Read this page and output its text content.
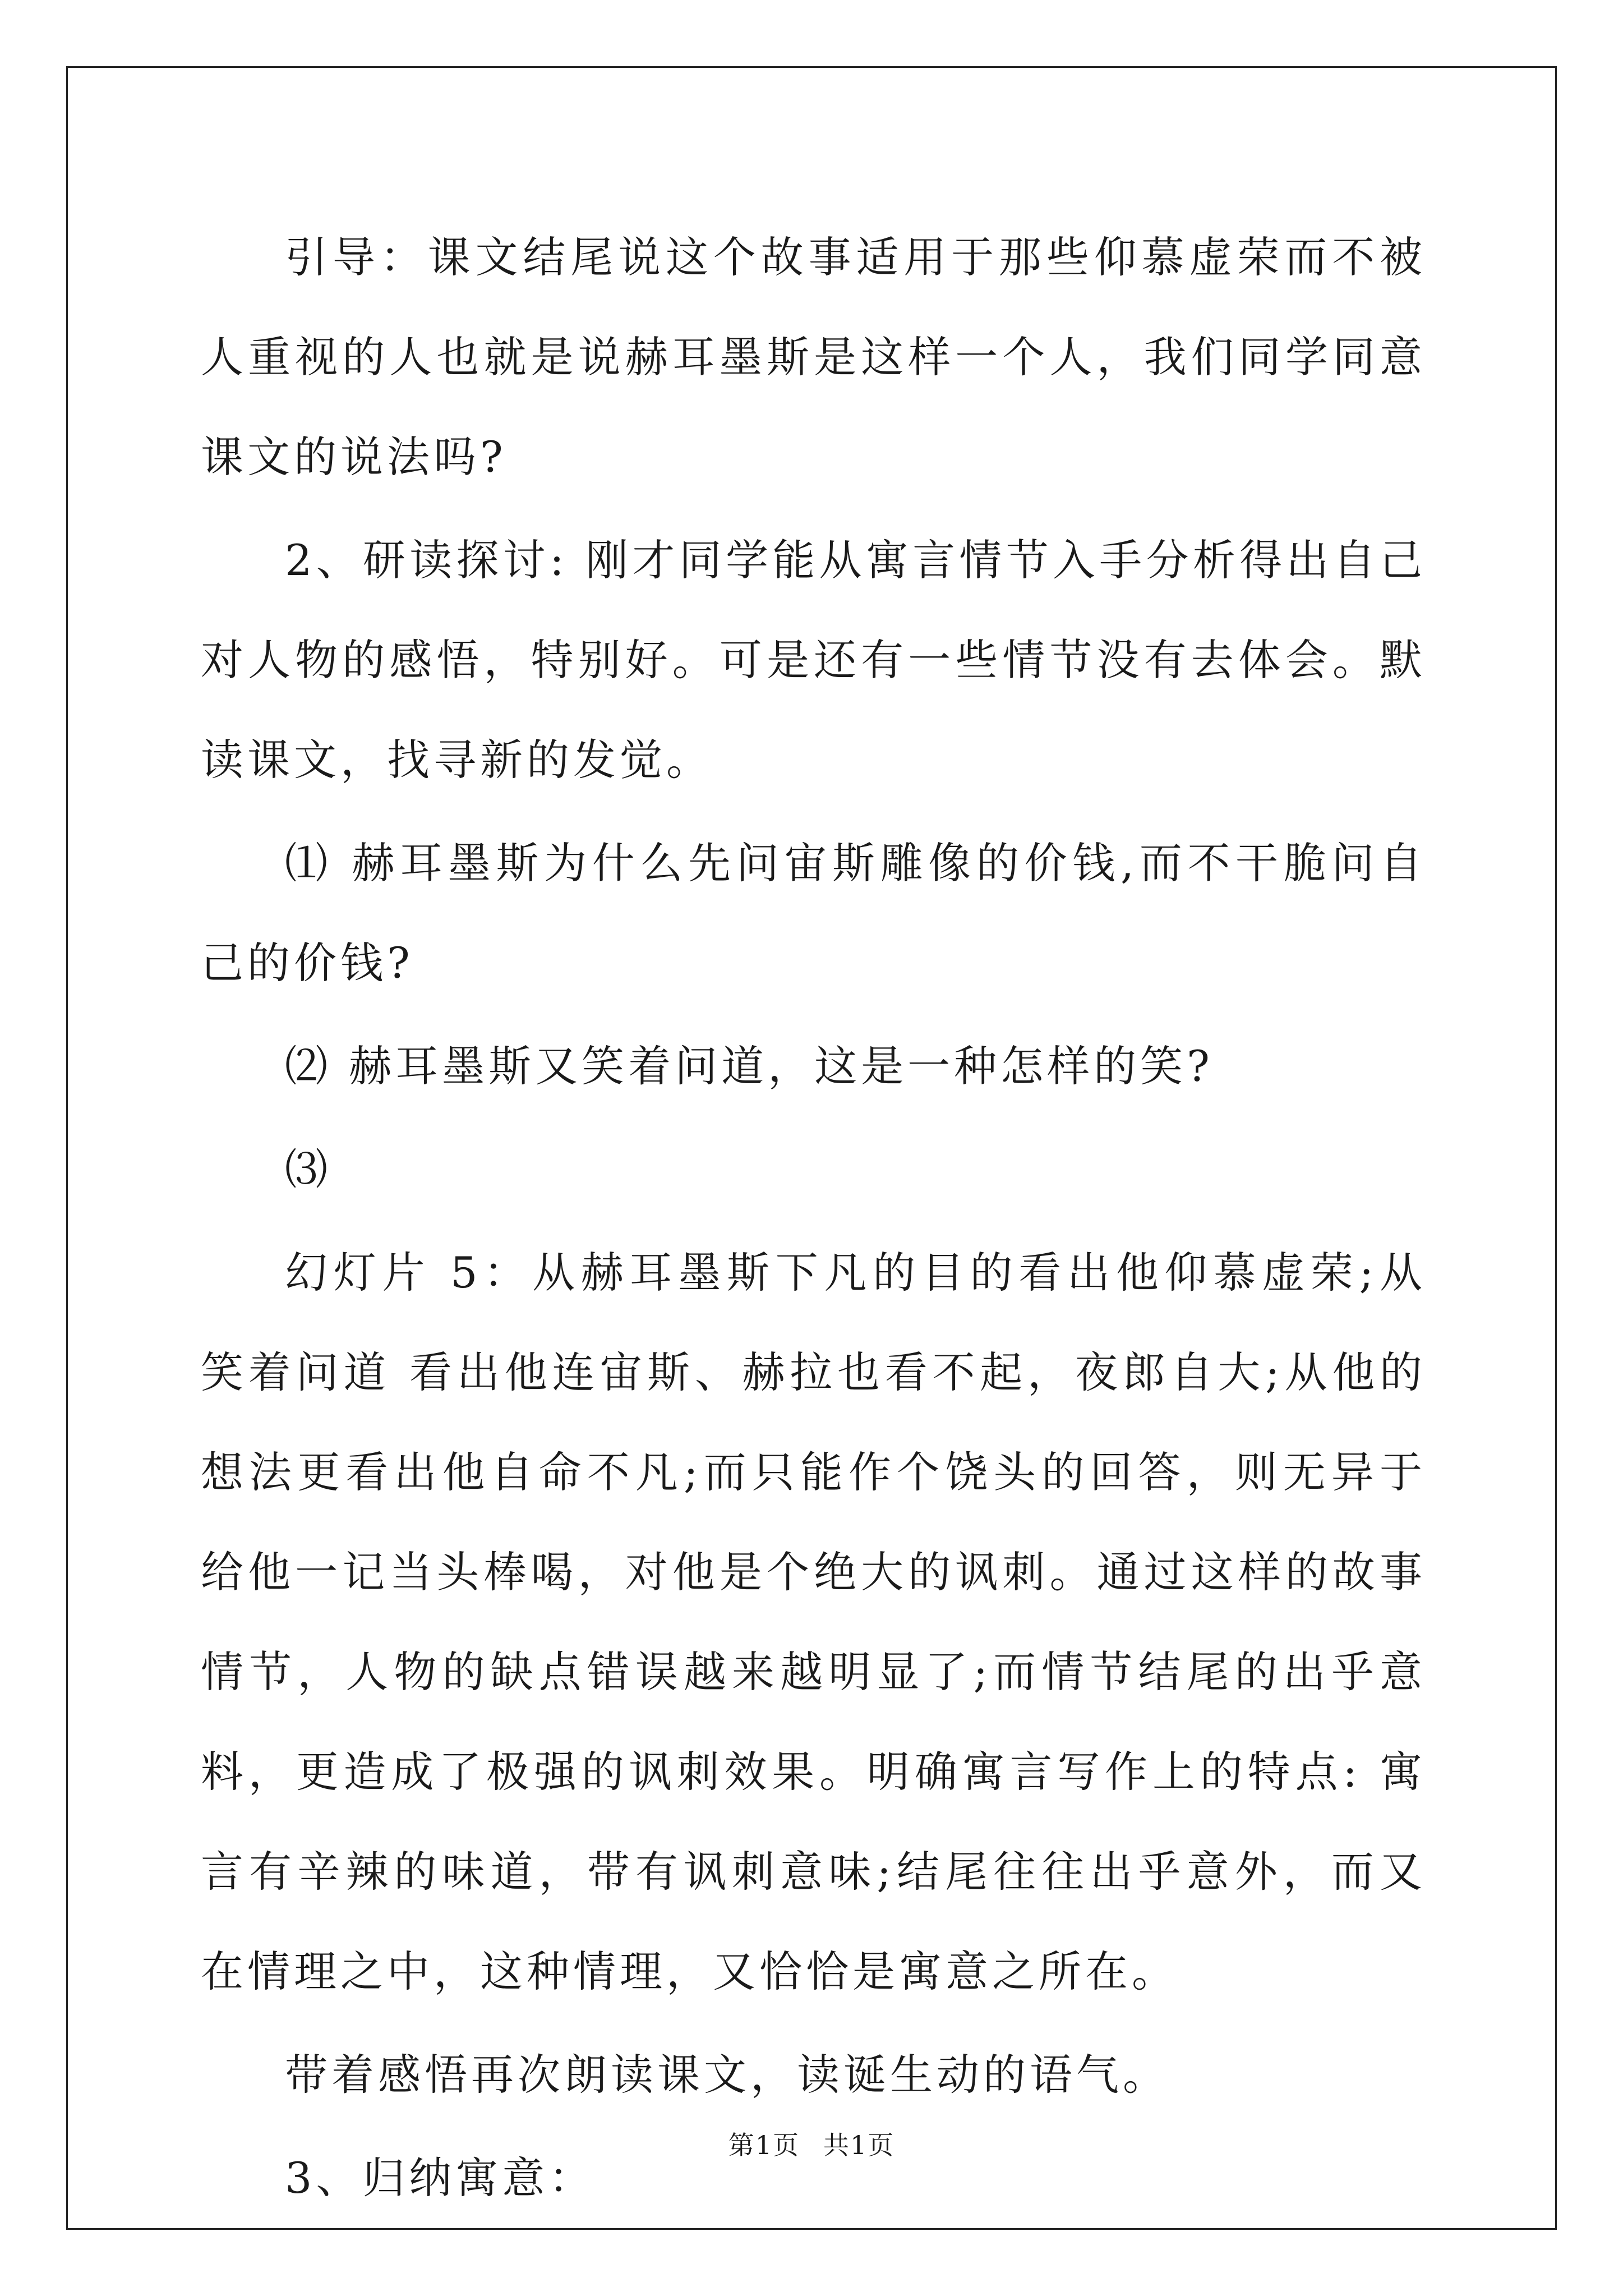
引导：课文结尾说这个故事适用于那些仰慕虚荣而不被人重视的人也就是说赫耳墨斯是这样一个人，我们同学同意课文的说法吗?

2、研读探讨: 刚才同学能从寓言情节入手分析得出自己对人物的感悟，特别好。可是还有一些情节没有去体会。默读课文，找寻新的发觉。

⑴ 赫耳墨斯为什么先问宙斯雕像的价钱,而不干脆问自己的价钱?

⑵ 赫耳墨斯又笑着问道，这是一种怎样的笑?

⑶

幻灯片 5：从赫耳墨斯下凡的目的看出他仰慕虚荣;从 笑着问道 看出他连宙斯、赫拉也看不起，夜郎自大;从他的想法更看出他自命不凡;而只能作个饶头的回答，则无异于给他一记当头棒喝，对他是个绝大的讽刺。通过这样的故事情节，人物的缺点错误越来越明显了;而情节结尾的出乎意料，更造成了极强的讽刺效果。明确寓言写作上的特点: 寓言有辛辣的味道，带有讽刺意味;结尾往往出乎意外，而又在情理之中，这种情理，又恰恰是寓意之所在。

带着感悟再次朗读课文，读诞生动的语气。

3、归纳寓意：

第1页 共1页
